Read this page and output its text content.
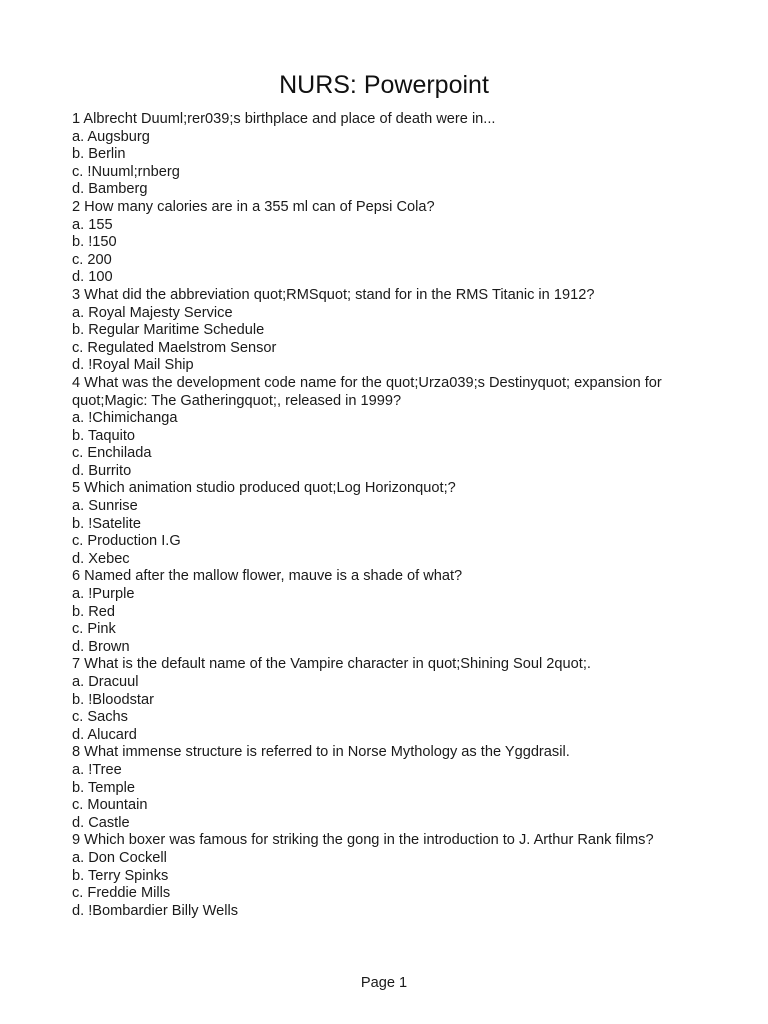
NURS: Powerpoint

1 Albrecht Duuml;rer039;s birthplace and place of death were in...

a. Augsburg

b. Berlin

c. !Nuuml;rnberg

d. Bamberg

2 How many calories are in a 355 ml can of Pepsi Cola?

a. 155

b. !150

c. 200

d. 100

3 What did the abbreviation quot;RMSquot; stand for in the RMS Titanic in 1912?

a. Royal Majesty Service

b. Regular Maritime Schedule

c. Regulated Maelstrom Sensor

d. !Royal Mail Ship

4 What was the development code name for the quot;Urza039;s Destinyquot; expansion for quot;Magic: The Gatheringquot;, released in 1999?

a. !Chimichanga

b. Taquito

c. Enchilada

d. Burrito

5 Which animation studio produced quot;Log Horizonquot;?

a. Sunrise

b. !Satelite

c. Production I.G

d. Xebec

6 Named after the mallow flower, mauve is a shade of what?

a. !Purple

b. Red

c. Pink

d. Brown

7 What is the default name of the Vampire character in quot;Shining Soul 2quot;.

a. Dracuul

b. !Bloodstar

c. Sachs

d. Alucard

8 What immense structure is referred to in Norse Mythology as the Yggdrasil.

a. !Tree

b. Temple

c. Mountain

d. Castle

9 Which boxer was famous for striking the gong in the introduction to J. Arthur Rank films?

a. Don Cockell

b. Terry Spinks

c. Freddie Mills

d. !Bombardier Billy Wells

Page 1
